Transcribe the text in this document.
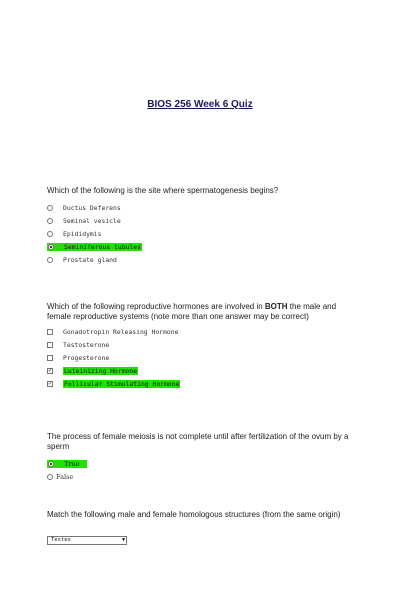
BIOS 256 Week 6 Quiz
Which of the following is the site where spermatogenesis begins?
Ductus Deferens
Seminal vesicle
Epididymis
Seminiferous tubules
Prostate gland
Which of the following reproductive hormones are involved in BOTH the male and female reproductive systems (note more than one answer may be correct)
Gonadotropin Releasing Hormone
Testosterone
Progesterone
✓ Luteinizing Hormone
✓ Follicular Stimulating Hormone
The process of female meiosis is not complete until after fertilization of the ovum by a sperm
True
False
Match the following male and female homologous structures (from the same origin)
Testes	▼
